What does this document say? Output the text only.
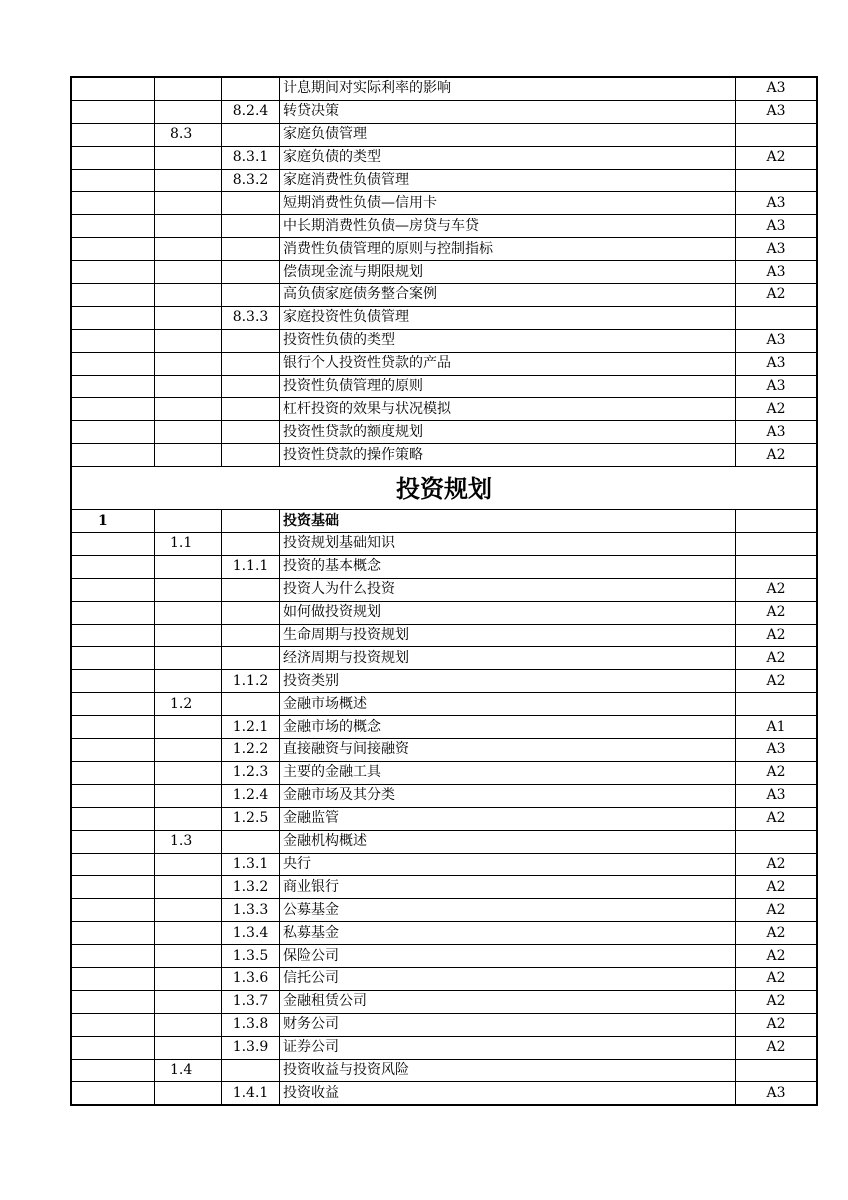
			计息期间对实际利率的影响	A3
		8.2.4	转贷决策	A3
	8.3		家庭负债管理	
		8.3.1	家庭负债的类型	A2
		8.3.2	家庭消费性负债管理	
			短期消费性负债—信用卡	A3
			中长期消费性负债—房贷与车贷	A3
			消费性负债管理的原则与控制指标	A3
			偿债现金流与期限规划	A3
			高负债家庭债务整合案例	A2
		8.3.3	家庭投资性负债管理	
			投资性负债的类型	A3
			银行个人投资性贷款的产品	A3
			投资性负债管理的原则	A3
			杠杆投资的效果与状况模拟	A2
			投资性贷款的额度规划	A3
			投资性贷款的操作策略	A2
投资规划				
1			投资基础	
	1.1		投资规划基础知识	
		1.1.1	投资的基本概念	
			投资人为什么投资	A2
			如何做投资规划	A2
			生命周期与投资规划	A2
			经济周期与投资规划	A2
		1.1.2	投资类别	A2
	1.2		金融市场概述	
		1.2.1	金融市场的概念	A1
		1.2.2	直接融资与间接融资	A3
		1.2.3	主要的金融工具	A2
		1.2.4	金融市场及其分类	A3
		1.2.5	金融监管	A2
	1.3		金融机构概述	
		1.3.1	央行	A2
		1.3.2	商业银行	A2
		1.3.3	公募基金	A2
		1.3.4	私募基金	A2
		1.3.5	保险公司	A2
		1.3.6	信托公司	A2
		1.3.7	金融租赁公司	A2
		1.3.8	财务公司	A2
		1.3.9	证券公司	A2
	1.4		投资收益与投资风险	
		1.4.1	投资收益	A3
